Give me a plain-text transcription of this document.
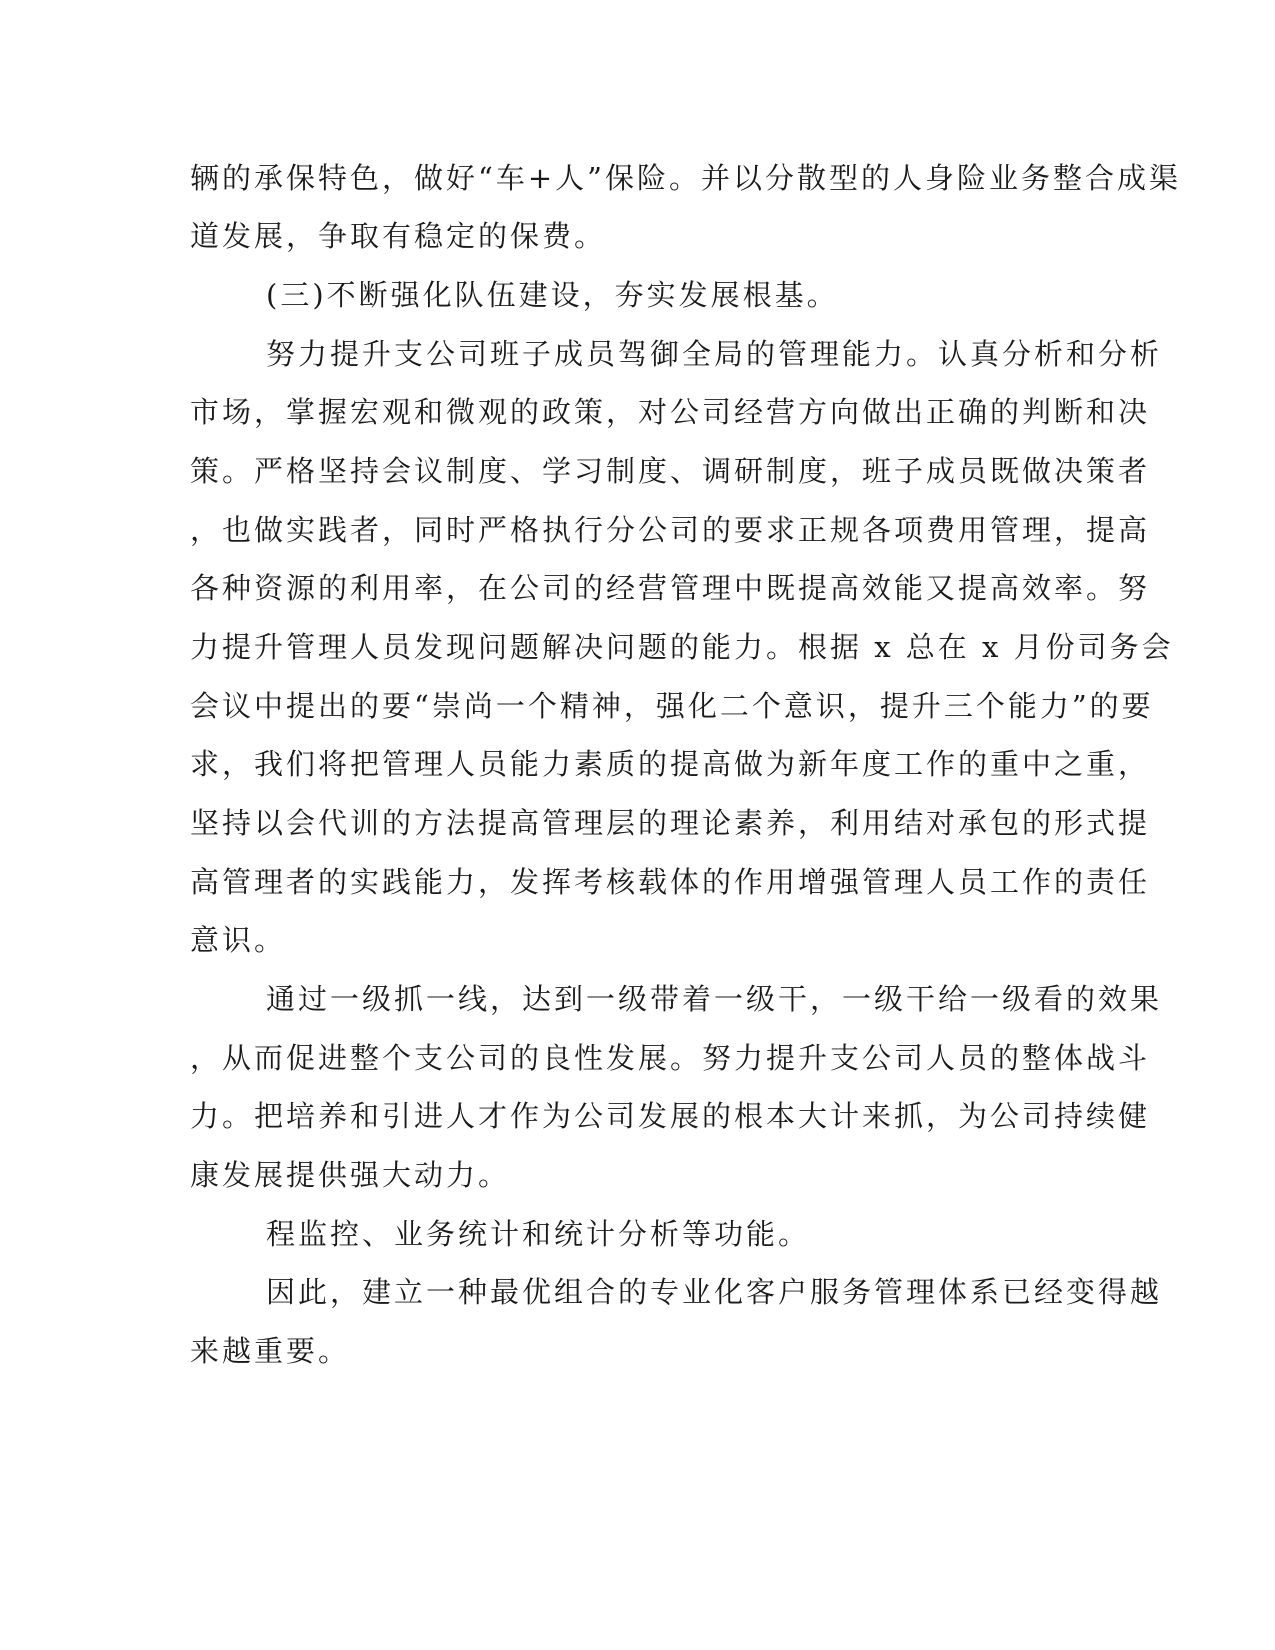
辆的承保特色，做好“车+人”保险。并以分散型的人身险业务整合成渠
道发展，争取有稳定的保费。
(三)不断强化队伍建设，夯实发展根基。
努力提升支公司班子成员驾御全局的管理能力。认真分析和分析
市场，掌握宏观和微观的政策，对公司经营方向做出正确的判断和决
策。严格坚持会议制度、学习制度、调研制度，班子成员既做决策者
，也做实践者，同时严格执行分公司的要求正规各项费用管理，提高
各种资源的利用率，在公司的经营管理中既提高效能又提高效率。努
力提升管理人员发现问题解决问题的能力。根据 x 总在 x 月份司务会
会议中提出的要“崇尚一个精神，强化二个意识，提升三个能力”的要
求，我们将把管理人员能力素质的提高做为新年度工作的重中之重，
坚持以会代训的方法提高管理层的理论素养，利用结对承包的形式提
高管理者的实践能力，发挥考核载体的作用增强管理人员工作的责任
意识。
通过一级抓一线，达到一级带着一级干，一级干给一级看的效果
，从而促进整个支公司的良性发展。努力提升支公司人员的整体战斗
力。把培养和引进人才作为公司发展的根本大计来抓，为公司持续健
康发展提供强大动力。
程监控、业务统计和统计分析等功能。
因此，建立一种最优组合的专业化客户服务管理体系已经变得越
来越重要。
